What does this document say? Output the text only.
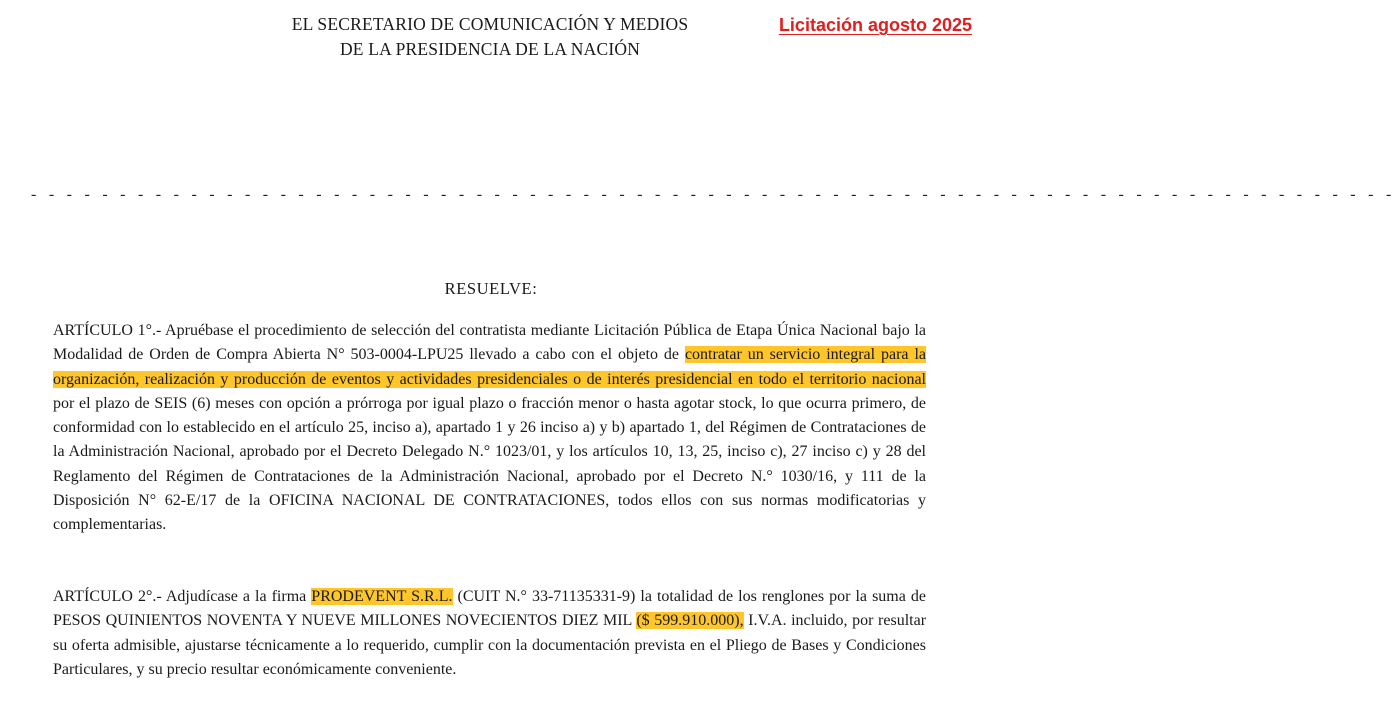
EL SECRETARIO DE COMUNICACIÓN Y MEDIOS

DE LA PRESIDENCIA DE LA NACIÓN

Licitación agosto 2025
- - - - - - - - - - - - - - - - - - - - - - - - - - - - - - - - - - - - - - - - - - - - - - - - - - - - - - - - - - - - - - - - - - - - - - - - - - - - -
RESUELVE:

ARTÍCULO 1°.- Apruébase el procedimiento de selección del contratista mediante Licitación Pública de Etapa Única Nacional bajo la Modalidad de Orden de Compra Abierta N° 503-0004-LPU25 llevado a cabo con el objeto de contratar un servicio integral para la organización, realización y producción de eventos y actividades presidenciales o de interés presidencial en todo el territorio nacional por el plazo de SEIS (6) meses con opción a prórroga por igual plazo o fracción menor o hasta agotar stock, lo que ocurra primero, de conformidad con lo establecido en el artículo 25, inciso a), apartado 1 y 26 inciso a) y b) apartado 1, del Régimen de Contrataciones de la Administración Nacional, aprobado por el Decreto Delegado N.° 1023/01, y los artículos 10, 13, 25, inciso c), 27 inciso c) y 28 del Reglamento del Régimen de Contrataciones de la Administración Nacional, aprobado por el Decreto N.° 1030/16, y 111 de la Disposición N° 62-E/17 de la OFICINA NACIONAL DE CONTRATACIONES, todos ellos con sus normas modificatorias y complementarias.

ARTÍCULO 2°.- Adjudícase a la firma PRODEVENT S.R.L. (CUIT N.° 33-71135331-9) la totalidad de los renglones por la suma de PESOS QUINIENTOS NOVENTA Y NUEVE MILLONES NOVECIENTOS DIEZ MIL ($ 599.910.000), I.V.A. incluido, por resultar su oferta admisible, ajustarse técnicamente a lo requerido, cumplir con la documentación prevista en el Pliego de Bases y Condiciones Particulares, y su precio resultar económicamente conveniente.
